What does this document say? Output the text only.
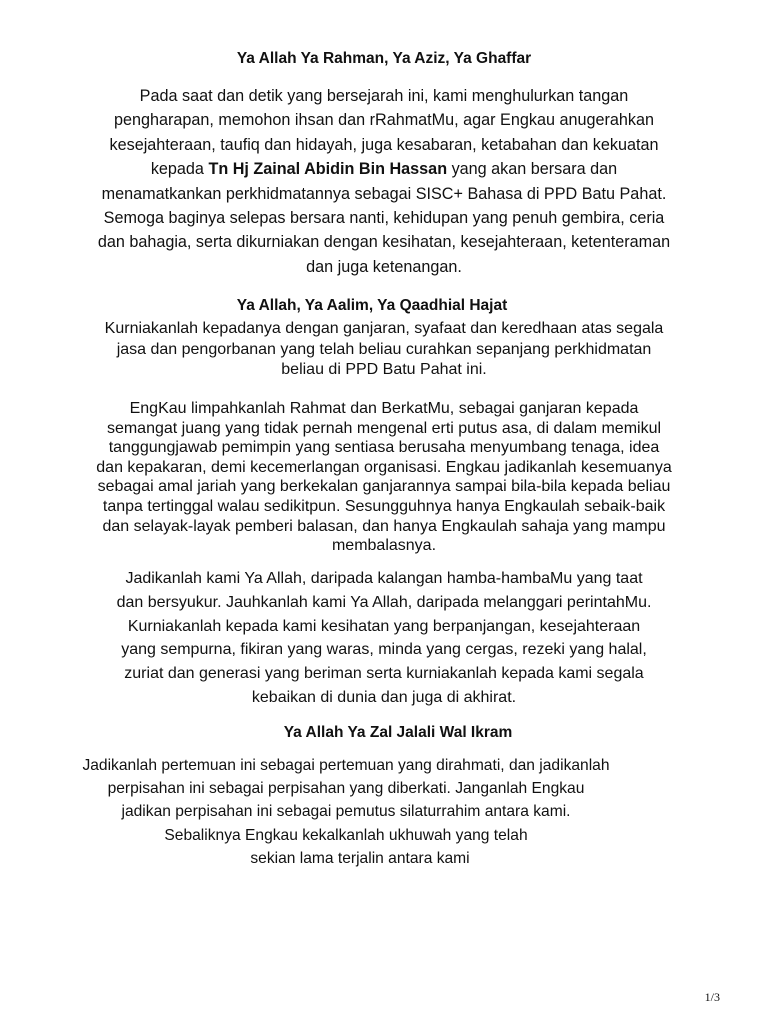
Ya Allah Ya Rahman, Ya Aziz, Ya Ghaffar
Pada saat dan detik yang bersejarah ini, kami menghulurkan tangan
pengharapan, memohon ihsan dan rRahmatMu, agar Engkau anugerahkan
kesejahteraan, taufiq dan hidayah, juga kesabaran, ketabahan dan kekuatan
kepada Tn Hj Zainal Abidin Bin Hassan yang akan bersara dan
menamatkankan perkhidmatannya sebagai SISC+ Bahasa di PPD Batu Pahat.
Semoga baginya selepas bersara nanti, kehidupan yang penuh gembira, ceria
dan bahagia, serta dikurniakan dengan kesihatan, kesejahteraan, ketenteraman
dan juga ketenangan.
Ya Allah, Ya Aalim, Ya Qaadhial Hajat
Kurniakanlah kepadanya dengan ganjaran, syafaat dan keredhaan atas segala
jasa dan pengorbanan yang telah beliau curahkan sepanjang perkhidmatan
beliau di PPD Batu Pahat ini.
EngKau limpahkanlah Rahmat dan BerkatMu, sebagai ganjaran kepada
semangat juang yang tidak pernah mengenal erti putus asa, di dalam memikul
tanggungjawab pemimpin yang sentiasa berusaha menyumbang tenaga, idea
dan kepakaran, demi kecemerlangan organisasi. Engkau jadikanlah kesemuanya
sebagai amal jariah yang berkekalan ganjarannya sampai bila-bila kepada beliau
tanpa tertinggal walau sedikitpun. Sesungguhnya hanya Engkaulah sebaik-baik
dan selayak-layak pemberi balasan, dan hanya Engkaulah sahaja yang mampu
membalasnya.
Jadikanlah kami Ya Allah, daripada kalangan hamba-hambaMu yang taat
dan bersyukur. Jauhkanlah kami Ya Allah, daripada melanggari perintahMu.
Kurniakanlah kepada kami kesihatan yang berpanjangan, kesejahteraan
yang sempurna, fikiran yang waras, minda yang cergas, rezeki yang halal,
zuriat dan generasi yang beriman serta kurniakanlah kepada kami segala
kebaikan di dunia dan juga di akhirat.
Ya Allah Ya Zal Jalali Wal Ikram
Jadikanlah pertemuan ini sebagai pertemuan yang dirahmati, dan jadikanlah
perpisahan ini sebagai perpisahan yang diberkati. Janganlah Engkau
jadikan perpisahan ini sebagai pemutus silaturrahim antara kami.
Sebaliknya Engkau kekalkanlah ukhuwah yang telah
sekian lama terjalin antara kami
1/3
